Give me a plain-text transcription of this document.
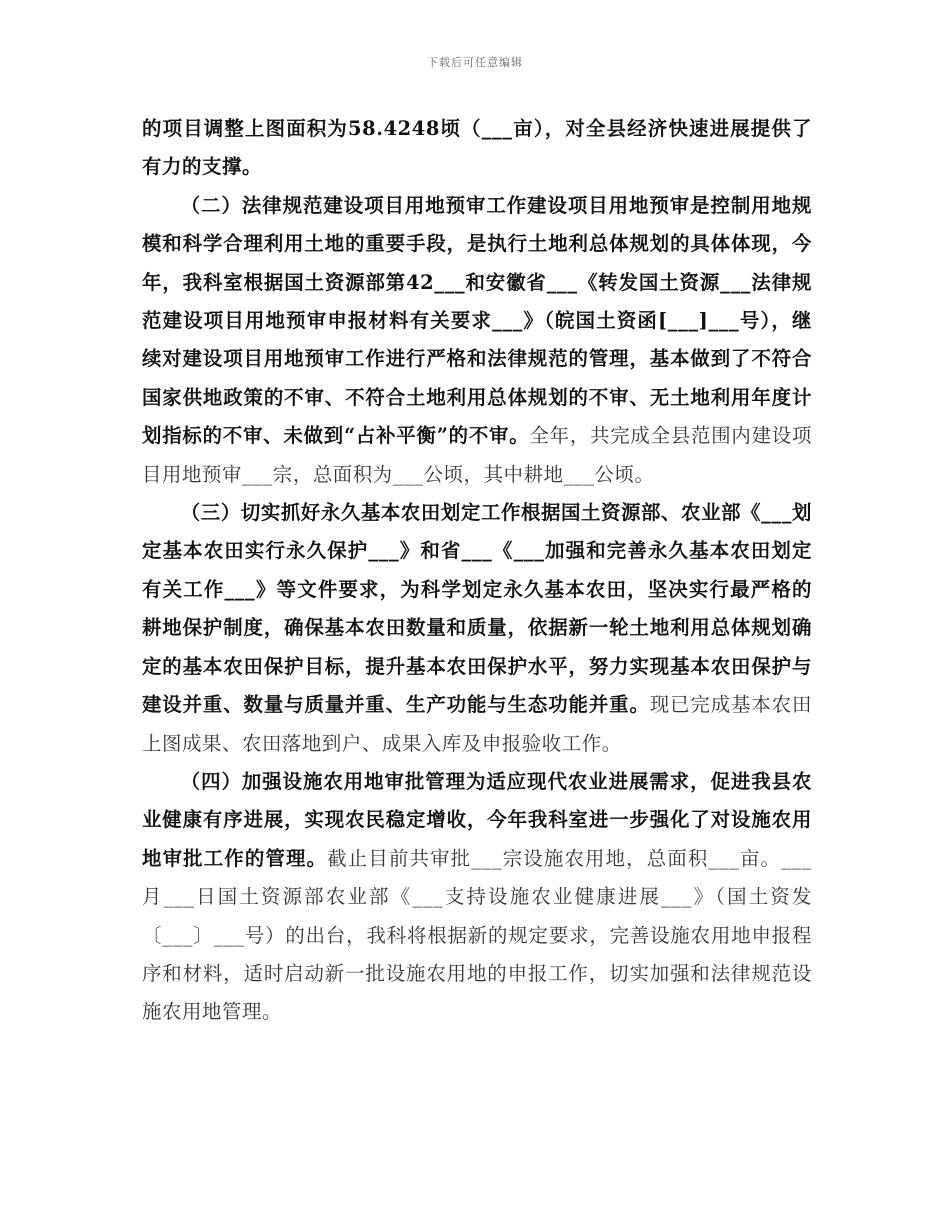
下载后可任意编辑

的项目调整上图面积为58.4248顷（___亩），对全县经济快速进展提供了有力的支撑。

（二）法律规范建设项目用地预审工作建设项目用地预审是控制用地规模和科学合理利用土地的重要手段，是执行土地利总体规划的具体体现，今年，我科室根据国土资源部第42___和安徽省___《转发国土资源___法律规范建设项目用地预审申报材料有关要求___》（皖国土资函[___]___号），继续对建设项目用地预审工作进行严格和法律规范的管理，基本做到了不符合国家供地政策的不审、不符合土地利用总体规划的不审、无土地利用年度计划指标的不审、未做到“占补平衡”的不审。全年，共完成全县范围内建设项目用地预审___宗，总面积为___公顷，其中耕地___公顷。

（三）切实抓好永久基本农田划定工作根据国土资源部、农业部《___划定基本农田实行永久保护___》和省___《___加强和完善永久基本农田划定有关工作___》等文件要求，为科学划定永久基本农田，坚决实行最严格的耕地保护制度，确保基本农田数量和质量，依据新一轮土地利用总体规划确定的基本农田保护目标，提升基本农田保护水平，努力实现基本农田保护与建设并重、数量与质量并重、生产功能与生态功能并重。现已完成基本农田上图成果、农田落地到户、成果入库及申报验收工作。

（四）加强设施农用地审批管理为适应现代农业进展需求，促进我县农业健康有序进展，实现农民稳定增收，今年我科室进一步强化了对设施农用地审批工作的管理。截止目前共审批___宗设施农用地，总面积___亩。___月___日国土资源部农业部《___支持设施农业健康进展___》（国土资发〔___〕___号）的出台，我科将根据新的规定要求，完善设施农用地申报程序和材料，适时启动新一批设施农用地的申报工作，切实加强和法律规范设施农用地管理。
